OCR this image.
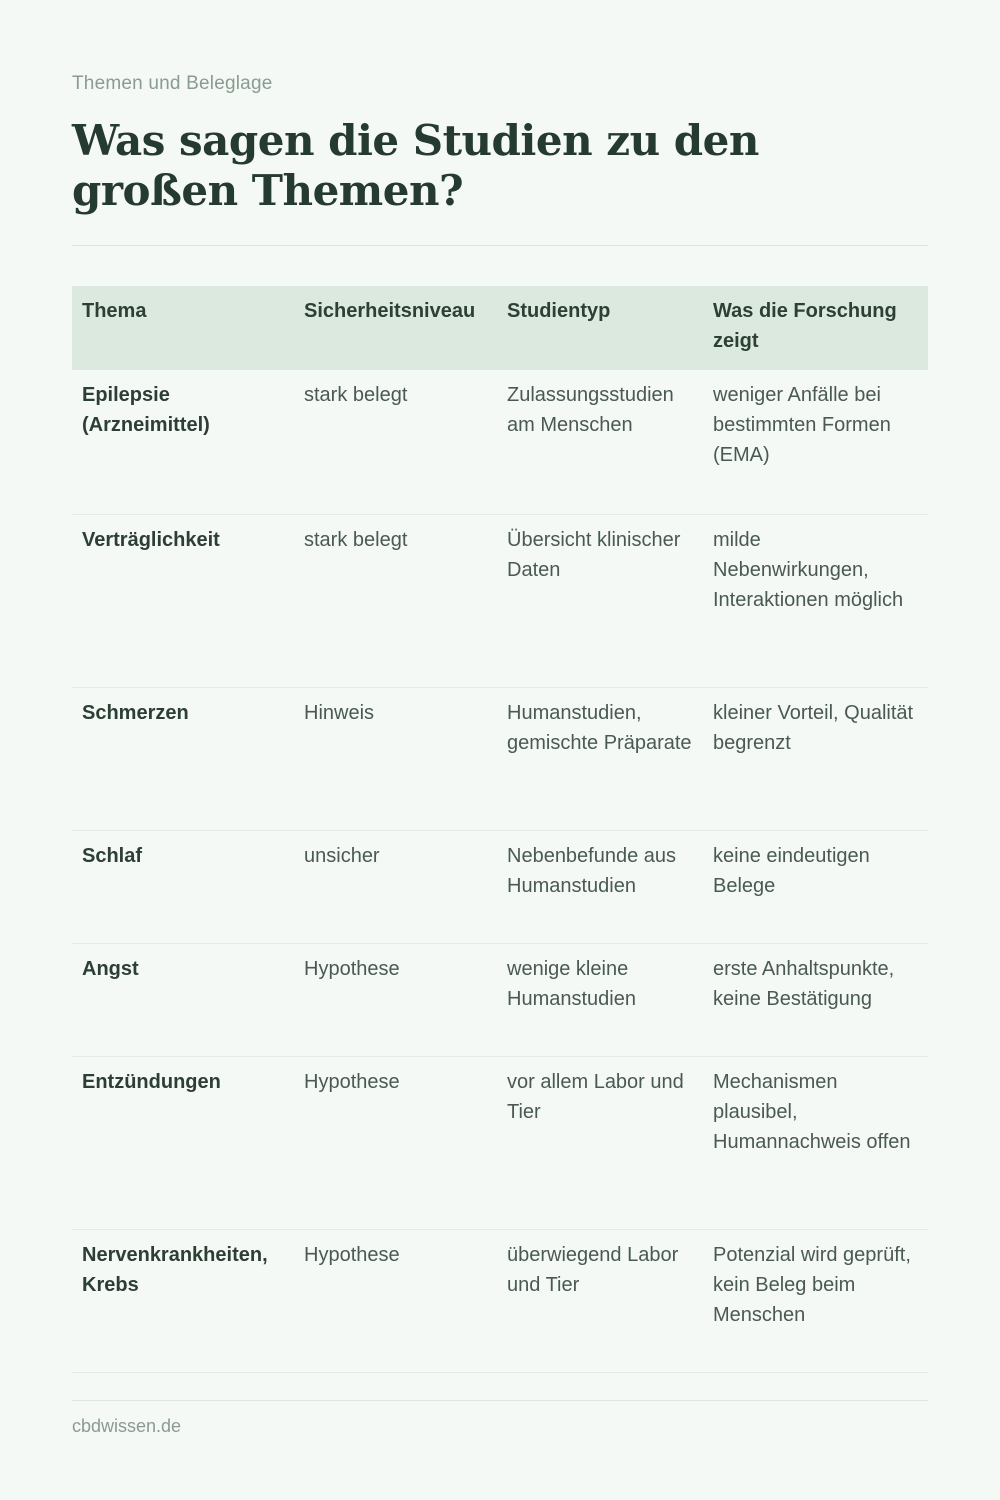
Themen und Beleglage
Was sagen die Studien zu den großen Themen?
Thema	Sicherheitsniveau	Studientyp	Was die Forschung zeigt
Epilepsie (Arzneimittel)	stark belegt	Zulassungsstudien am Menschen	weniger Anfälle bei bestimmten Formen (EMA)
Verträglichkeit	stark belegt	Übersicht klinischer Daten	milde Nebenwirkungen, Interaktionen möglich
Schmerzen	Hinweis	Humanstudien, gemischte Präparate	kleiner Vorteil, Qualität begrenzt
Schlaf	unsicher	Nebenbefunde aus Humanstudien	keine eindeutigen Belege
Angst	Hypothese	wenige kleine Humanstudien	erste Anhaltspunkte, keine Bestätigung
Entzündungen	Hypothese	vor allem Labor und Tier	Mechanismen plausibel, Humannachweis offen
Nervenkrankheiten, Krebs	Hypothese	überwiegend Labor und Tier	Potenzial wird geprüft, kein Beleg beim Menschen
cbdwissen.de
